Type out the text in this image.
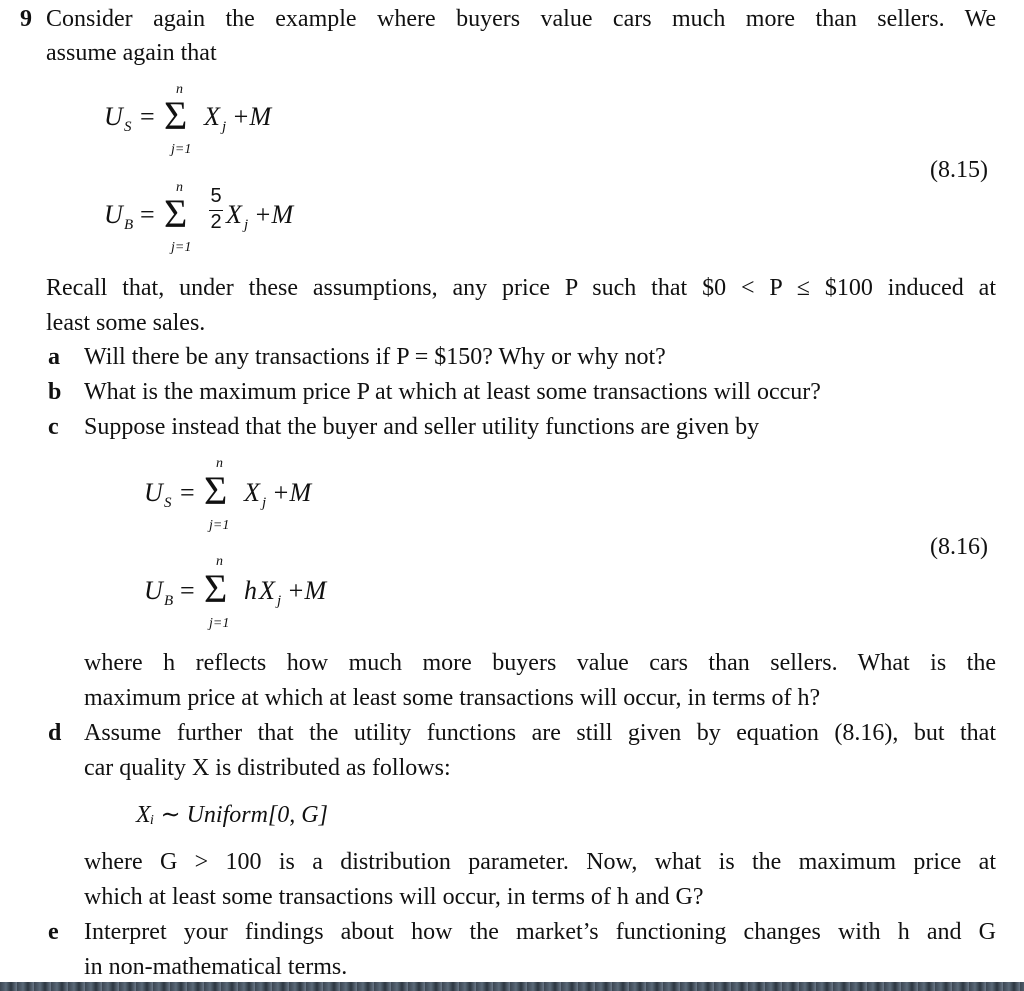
9 Consider again the example where buyers value cars much more than sellers. We
assume again that
U S =
n
Σ
j=1
X j +M
U B =
n
Σ
j=1
5
2 X j +M
(8.15)
Recall that, under these assumptions, any price P such that $0 < P ≤ $100 induced at
least some sales.
a Will there be any transactions if P = $150? Why or why not?
b What is the maximum price P at which at least some transactions will occur?
c Suppose instead that the buyer and seller utility functions are given by
U S =
n
Σ
j=1
X j +M
U B =
n
Σ
j=1
h X j +M
(8.16)
where h reflects how much more buyers value cars than sellers. What is the
maximum price at which at least some transactions will occur, in terms of h?
d Assume further that the utility functions are still given by equation (8.16), but that
car quality X is distributed as follows:
Xᵢ ∼ Uniform[0, G]
where G > 100 is a distribution parameter. Now, what is the maximum price at
which at least some transactions will occur, in terms of h and G?
e Interpret your findings about how the market’s functioning changes with h and G
in non-mathematical terms.
